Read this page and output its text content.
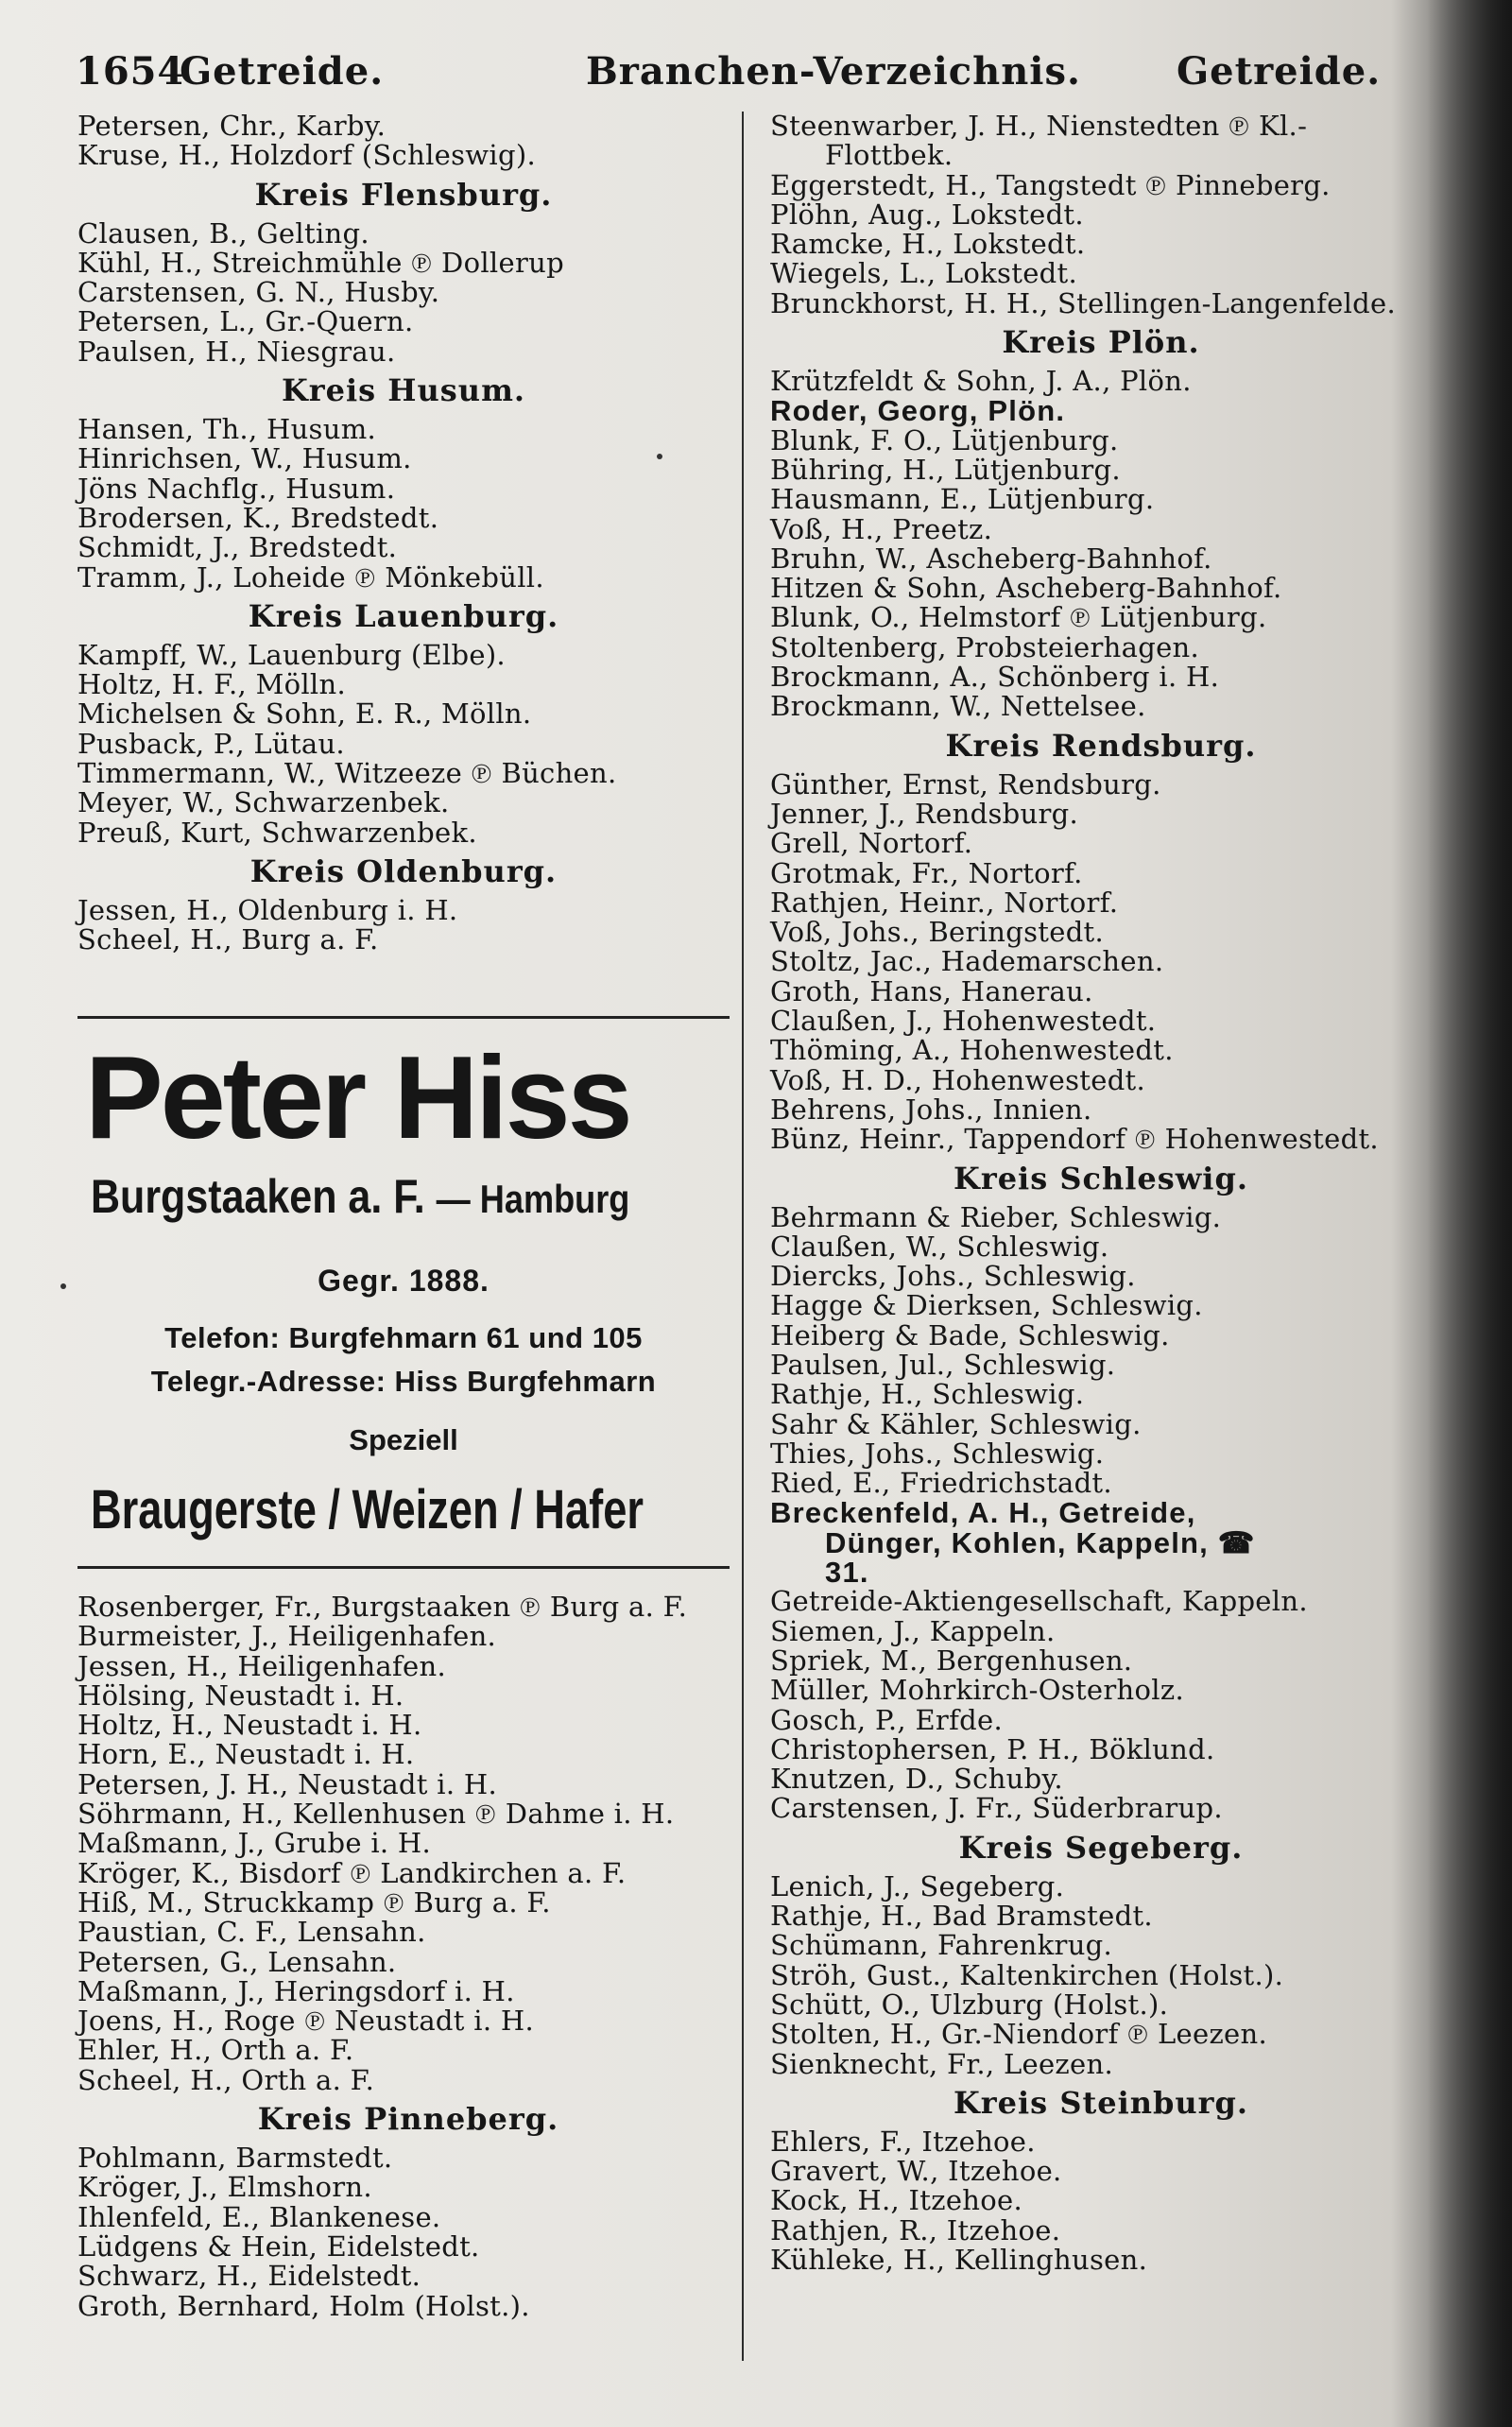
1654
Getreide.	Branchen-Verzeichnis.	Getreide.
Petersen, Chr., Karby.
Kruse, H., Holzdorf (Schleswig).
Kreis Flensburg.
Clausen, B., Gelting.
Kühl, H., Streichmühle ℗ Dollerup
Carstensen, G. N., Husby.
Petersen, L., Gr.-Quern.
Paulsen, H., Niesgrau.
Kreis Husum.
Hansen, Th., Husum.
Hinrichsen, W., Husum.
Jöns Nachflg., Husum.
Brodersen, K., Bredstedt.
Schmidt, J., Bredstedt.
Tramm, J., Loheide ℗ Mönkebüll.
Kreis Lauenburg.
Kampff, W., Lauenburg (Elbe).
Holtz, H. F., Mölln.
Michelsen & Sohn, E. R., Mölln.
Pusback, P., Lütau.
Timmermann, W., Witzeeze ℗ Büchen.
Meyer, W., Schwarzenbek.
Preuß, Kurt, Schwarzenbek.
Kreis Oldenburg.
Jessen, H., Oldenburg i. H.
Scheel, H., Burg a. F.
Peter Hiss
Burgstaaken a. F. — Hamburg
Gegr. 1888.
Telefon: Burgfehmarn 61 und 105
Telegr.-Adresse: Hiss Burgfehmarn
Speziell
Braugerste / Weizen / Hafer
Rosenberger, Fr., Burgstaaken ℗ Burg a. F.
Burmeister, J., Heiligenhafen.
Jessen, H., Heiligenhafen.
Hölsing, Neustadt i. H.
Holtz, H., Neustadt i. H.
Horn, E., Neustadt i. H.
Petersen, J. H., Neustadt i. H.
Söhrmann, H., Kellenhusen ℗ Dahme i. H.
Maßmann, J., Grube i. H.
Kröger, K., Bisdorf ℗ Landkirchen a. F.
Hiß, M., Struckkamp ℗ Burg a. F.
Paustian, C. F., Lensahn.
Petersen, G., Lensahn.
Maßmann, J., Heringsdorf i. H.
Joens, H., Roge ℗ Neustadt i. H.
Ehler, H., Orth a. F.
Scheel, H., Orth a. F.
Kreis Pinneberg.
Pohlmann, Barmstedt.
Kröger, J., Elmshorn.
Ihlenfeld, E., Blankenese.
Lüdgens & Hein, Eidelstedt.
Schwarz, H., Eidelstedt.
Groth, Bernhard, Holm (Holst.).
Steenwarber, J. H., Nienstedten ℗ Kl.-
Flottbek.
Eggerstedt, H., Tangstedt ℗ Pinneberg.
Plöhn, Aug., Lokstedt.
Ramcke, H., Lokstedt.
Wiegels, L., Lokstedt.
Brunckhorst, H. H., Stellingen-Langenfelde.
Kreis Plön.
Krützfeldt & Sohn, J. A., Plön.
Roder, Georg, Plön.
Blunk, F. O., Lütjenburg.
Bühring, H., Lütjenburg.
Hausmann, E., Lütjenburg.
Voß, H., Preetz.
Bruhn, W., Ascheberg-Bahnhof.
Hitzen & Sohn, Ascheberg-Bahnhof.
Blunk, O., Helmstorf ℗ Lütjenburg.
Stoltenberg, Probsteierhagen.
Brockmann, A., Schönberg i. H.
Brockmann, W., Nettelsee.
Kreis Rendsburg.
Günther, Ernst, Rendsburg.
Jenner, J., Rendsburg.
Grell, Nortorf.
Grotmak, Fr., Nortorf.
Rathjen, Heinr., Nortorf.
Voß, Johs., Beringstedt.
Stoltz, Jac., Hademarschen.
Groth, Hans, Hanerau.
Claußen, J., Hohenwestedt.
Thöming, A., Hohenwestedt.
Voß, H. D., Hohenwestedt.
Behrens, Johs., Innien.
Bünz, Heinr., Tappendorf ℗ Hohenwestedt.
Kreis Schleswig.
Behrmann & Rieber, Schleswig.
Claußen, W., Schleswig.
Diercks, Johs., Schleswig.
Hagge & Dierksen, Schleswig.
Heiberg & Bade, Schleswig.
Paulsen, Jul., Schleswig.
Rathje, H., Schleswig.
Sahr & Kähler, Schleswig.
Thies, Johs., Schleswig.
Ried, E., Friedrichstadt.
Breckenfeld, A. H., Getreide,
Dünger, Kohlen, Kappeln, ☎
31.
Getreide-Aktiengesellschaft, Kappeln.
Siemen, J., Kappeln.
Spriek, M., Bergenhusen.
Müller, Mohrkirch-Osterholz.
Gosch, P., Erfde.
Christophersen, P. H., Böklund.
Knutzen, D., Schuby.
Carstensen, J. Fr., Süderbrarup.
Kreis Segeberg.
Lenich, J., Segeberg.
Rathje, H., Bad Bramstedt.
Schümann, Fahrenkrug.
Ströh, Gust., Kaltenkirchen (Holst.).
Schütt, O., Ulzburg (Holst.).
Stolten, H., Gr.-Niendorf ℗ Leezen.
Sienknecht, Fr., Leezen.
Kreis Steinburg.
Ehlers, F., Itzehoe.
Gravert, W., Itzehoe.
Kock, H., Itzehoe.
Rathjen, R., Itzehoe.
Kühleke, H., Kellinghusen.
